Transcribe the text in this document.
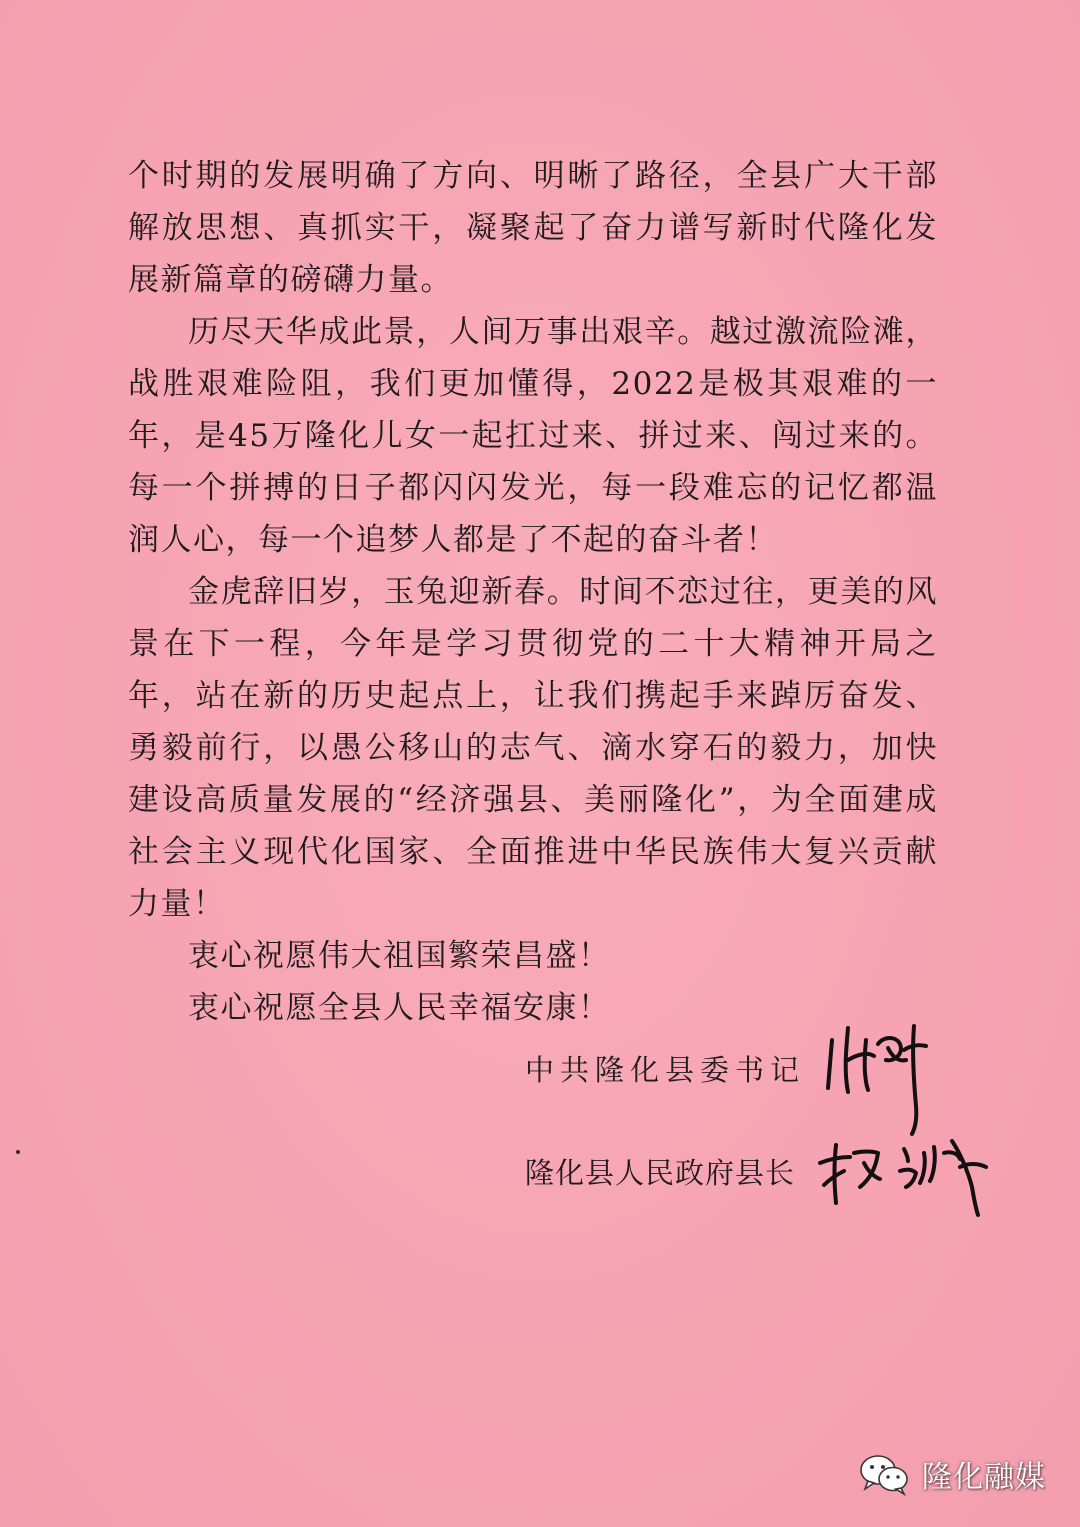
个时期的发展明确了方向、明晰了路径，全县广大干部解放思想、真抓实干，凝聚起了奋力谱写新时代隆化发展新篇章的磅礴力量。

历尽天华成此景，人间万事出艰辛。越过激流险滩，战胜艰难险阻，我们更加懂得，2022是极其艰难的一年，是45万隆化儿女一起扛过来、拼过来、闯过来的。每一个拼搏的日子都闪闪发光，每一段难忘的记忆都温润人心，每一个追梦人都是了不起的奋斗者！

金虎辞旧岁，玉兔迎新春。时间不恋过往，更美的风景在下一程，今年是学习贯彻党的二十大精神开局之年，站在新的历史起点上，让我们携起手来踔厉奋发、勇毅前行，以愚公移山的志气、滴水穿石的毅力，加快建设高质量发展的“经济强县、美丽隆化”，为全面建成社会主义现代化国家、全面推进中华民族伟大复兴贡献力量！

衷心祝愿伟大祖国繁荣昌盛！

衷心祝愿全县人民幸福安康！

中共隆化县委书记
隆化县人民政府县长
隆化融媒
